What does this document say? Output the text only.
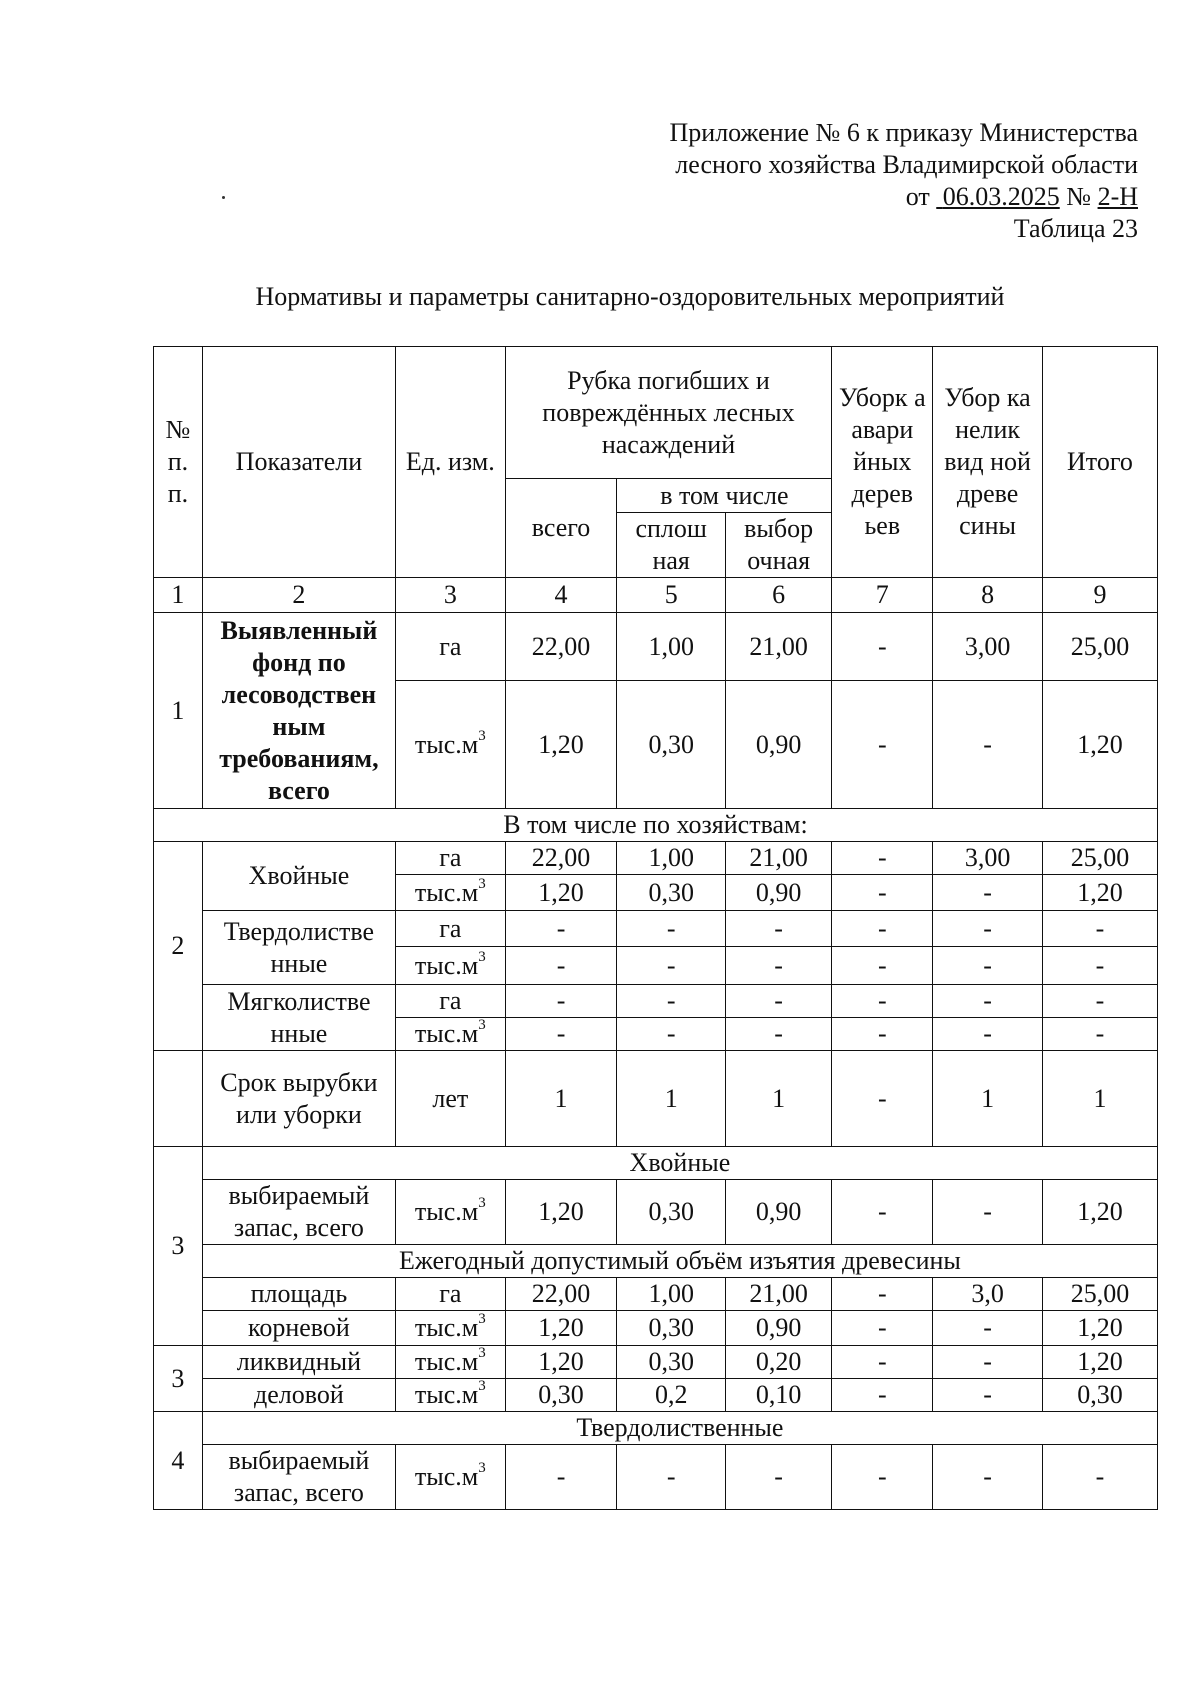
Приложение № 6 к приказу Министерства
лесного хозяйства Владимирской области
от 06.03.2025 № 2-Н
Таблица 23
Нормативы и параметры санитарно-оздоровительных мероприятий
№ п. п.	Показатели	Ед. изм.	Рубка погибших и повреждённых лесных насаждений			Уборк а авари йных дерев ьев	Убор ка нелик вид ной древе сины	Итого
			всего	в том числе				
				сплош ная	выбор очная			
1	2	3	4	5	6	7	8	9
1	Выявленный фонд по лесоводствен ным требованиям, всего	га	22,00	1,00	21,00	-	3,00	25,00
		$тыс.м^3$	1,20	0,30	0,90	-	-	1,20
В том числе по хозяйствам:								
2	Хвойные	га	22,00	1,00	21,00	-	3,00	25,00
		$тыс.м^3$	1,20	0,30	0,90	-	-	1,20
	Твердолистве нные	га	-	-	-	-	-	-
		$тыс.м^3$	-	-	-	-	-	-
	Мягколистве нные	га	-	-	-	-	-	-
		$тыс.м^3$	-	-	-	-	-	-
	Срок вырубки или уборки	лет	1	1	1	-	1	1
3	Хвойные							
	выбираемый запас, всего	$тыс.м^3$	1,20	0,30	0,90	-	-	1,20
	Ежегодный допустимый объём изъятия древесины							
	площадь	га	22,00	1,00	21,00	-	3,0	25,00
	корневой	$тыс.м^3$	1,20	0,30	0,90	-	-	1,20

3	ликвидный	$тыс.м^3$	1,20	0,30	0,20	-	-	1,20
	деловой	$тыс.м^3$	0,30	0,2	0,10	-	-	0,30
4	Твердолиственные							
	выбираемый запас, всего	$тыс.м^3$	-	-	-	-	-	-
